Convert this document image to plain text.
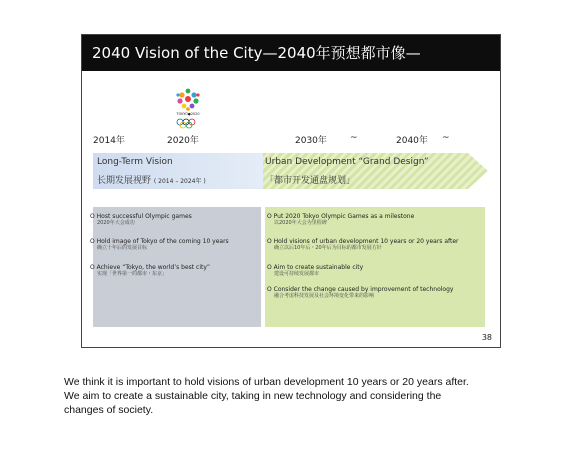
2040 Vision of the City—2040年预想都市像—
TOKYO●2020
2014年	2020年	2030年	~	2040年 ~
Long-Term Vision
长期发展视野 ( 2014 – 2024年 )
Urban Development “Grand Design”
「都市开发通盘规划」
O Host successful Olympic games
2020年大会成功
O Hold image of Tokyo of the coming 10 years
确立十年后的发展目标
O Achieve “Tokyo, the world’s best city”
实现「世界第一的都市・东京」
O Put 2020 Tokyo Olympic Games as a milestone
以2020年大会为里程碑
O Hold visions of urban development 10 years or 20 years after
确立以后10年后・20年后为目标的都市发展方针
O Aim to create sustainable city
建设可持续发展都市
O Consider the change caused by improvement of technology
融合考虑科技发展及社会环境变化带来的影响
38
We think it is important to hold visions of urban development 10 years or 20 years after.
We aim to create a sustainable city, taking in new technology and considering the
changes of society.
